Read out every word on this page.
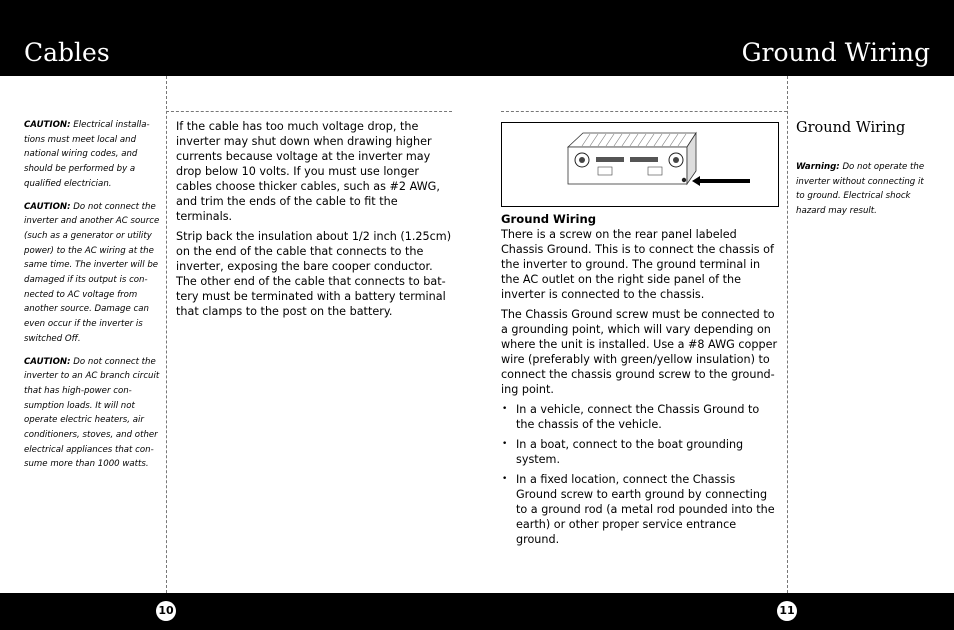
Cables	Ground Wiring

CAUTION: Electrical installa-tions must meet local and national wiring codes, and should be performed by a qualified electrician.

CAUTION: Do not connect the inverter and another AC source (such as a generator or utility power) to the AC wiring at the same time. The inverter will be damaged if its output is con-nected to AC voltage from another source. Damage can even occur if the inverter is switched Off.

CAUTION: Do not connect the inverter to an AC branch circuit that has high-power con-sumption loads. It will not operate electric heaters, air conditioners, stoves, and other electrical appliances that con-sume more than 1000 watts.

If the cable has too much voltage drop, the inverter may shut down when drawing higher currents because voltage at the inverter may drop below 10 volts. If you must use longer cables choose thicker cables, such as #2 AWG, and trim the ends of the cable to fit the terminals.

Strip back the insulation about 1/2 inch (1.25cm) on the end of the cable that connects to the inverter, exposing the bare cooper conductor. The other end of the cable that connects to bat-tery must be terminated with a battery terminal that clamps to the post on the battery.

Ground Wiring

There is a screw on the rear panel labeled Chassis Ground. This is to connect the chassis of the inverter to ground. The ground terminal in the AC outlet on the right side panel of the inverter is connected to the chassis.

The Chassis Ground screw must be connected to a grounding point, which will vary depending on where the unit is installed. Use a #8 AWG copper wire (preferably with green/yellow insulation) to connect the chassis ground screw to the ground-ing point.

• In a vehicle, connect the Chassis Ground to the chassis of the vehicle.
• In a boat, connect to the boat grounding system.
• In a fixed location, connect the Chassis Ground screw to earth ground by connecting to a ground rod (a metal rod pounded into the earth) or other proper service entrance ground.
Ground Wiring

Warning: Do not operate the inverter without connecting it to ground. Electrical shock hazard may result.

10	11
